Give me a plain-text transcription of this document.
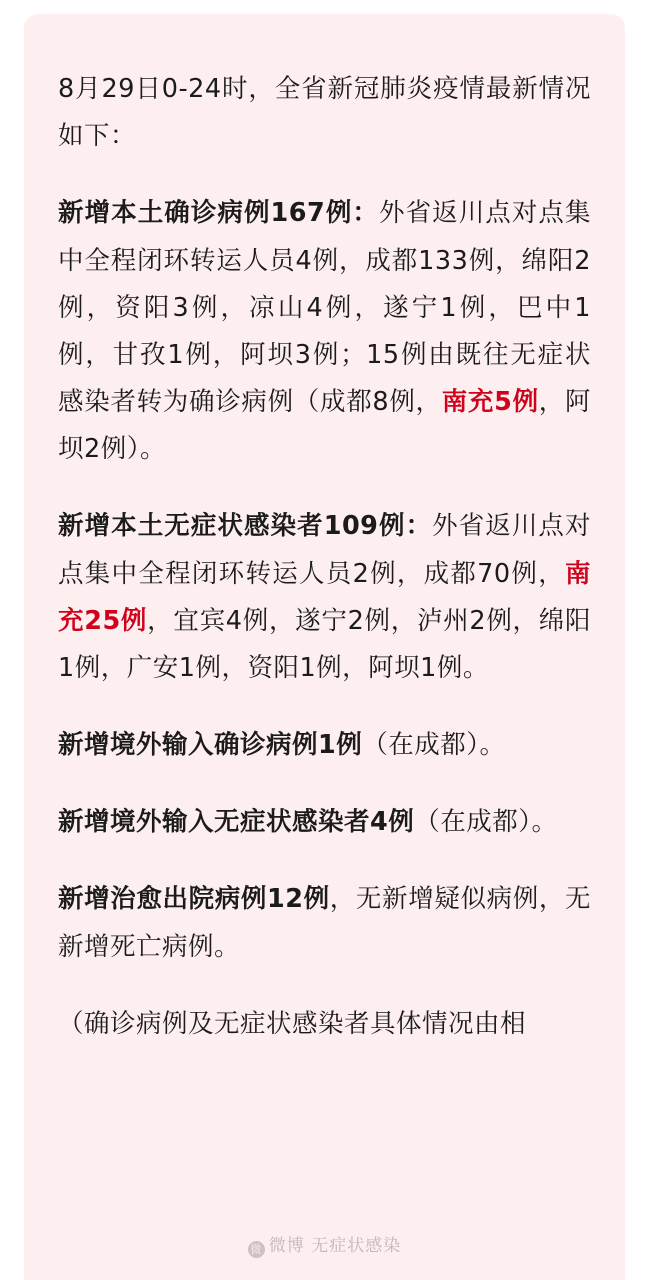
8月29日0-24时，全省新冠肺炎疫情最新情况如下：

新增本土确诊病例167例：外省返川点对点集中全程闭环转运人员4例，成都133例，绵阳2例，资阳3例，凉山4例，遂宁1例，巴中1例，甘孜1例，阿坝3例；15例由既往无症状感染者转为确诊病例（成都8例，南充5例，阿坝2例）。

新增本土无症状感染者109例：外省返川点对点集中全程闭环转运人员2例，成都70例，南充25例，宜宾4例，遂宁2例，泸州2例，绵阳1例，广安1例，资阳1例，阿坝1例。

新增境外输入确诊病例1例（在成都）。

新增境外输入无症状感染者4例（在成都）。

新增治愈出院病例12例，无新增疑似病例，无新增死亡病例。

（确诊病例及无症状感染者具体情况由相

微 微博 无症状感染
